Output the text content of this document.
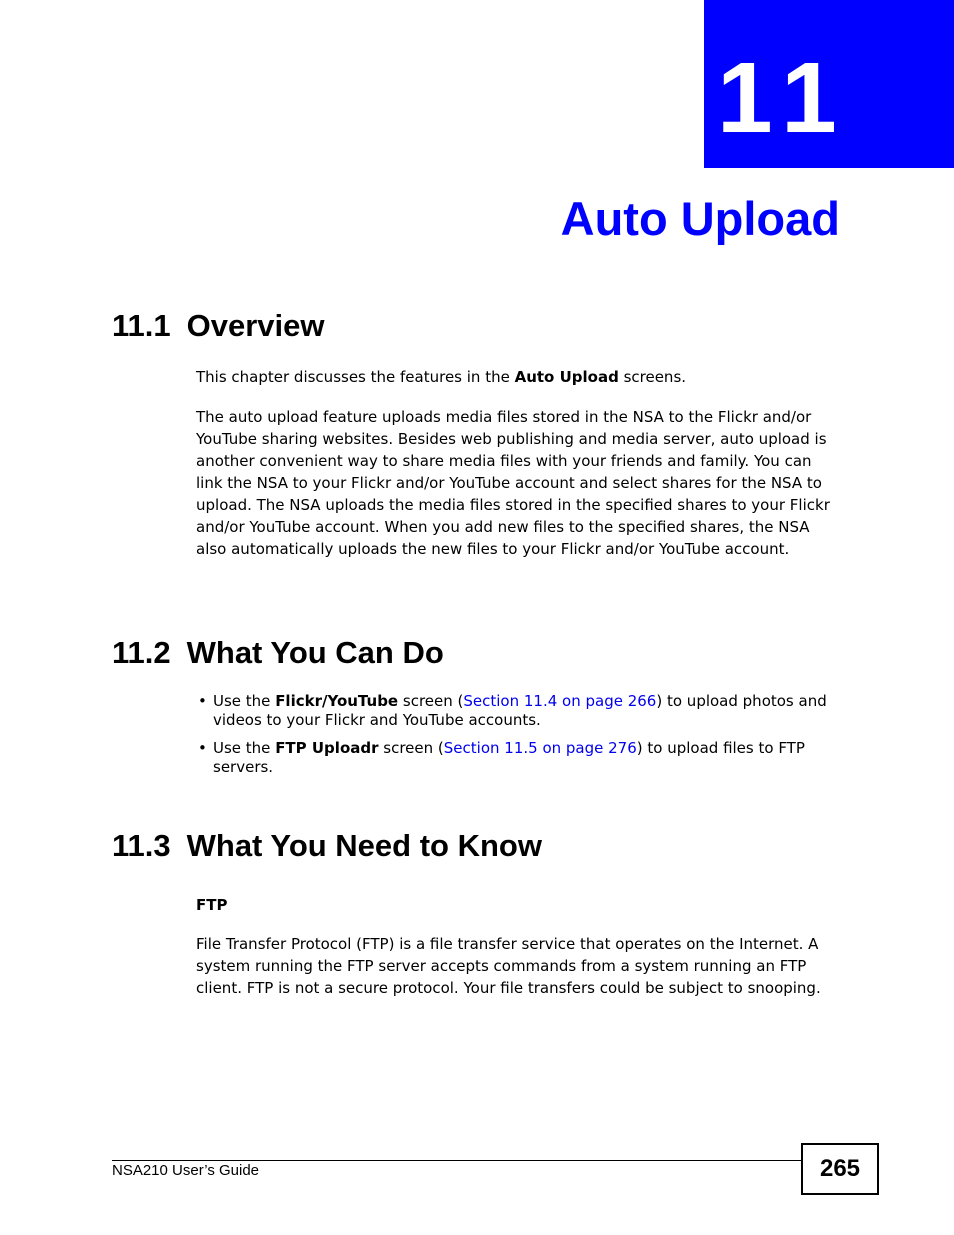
11
Auto Upload
11.1 Overview

This chapter discusses the features in the Auto Upload screens.

The auto upload feature uploads media files stored in the NSA to the Flickr and/or YouTube sharing websites. Besides web publishing and media server, auto upload is another convenient way to share media files with your friends and family. You can link the NSA to your Flickr and/or YouTube account and select shares for the NSA to upload. The NSA uploads the media files stored in the specified shares to your Flickr and/or YouTube account. When you add new files to the specified shares, the NSA also automatically uploads the new files to your Flickr and/or YouTube account.

11.2 What You Can Do
• Use the Flickr/YouTube screen (Section 11.4 on page 266) to upload photos and videos to your Flickr and YouTube accounts.
• Use the FTP Uploadr screen (Section 11.5 on page 276) to upload files to FTP servers.
11.3 What You Need to Know
FTP

File Transfer Protocol (FTP) is a file transfer service that operates on the Internet. A system running the FTP server accepts commands from a system running an FTP client. FTP is not a secure protocol. Your file transfers could be subject to snooping.

NSA210 User’s Guide	265
